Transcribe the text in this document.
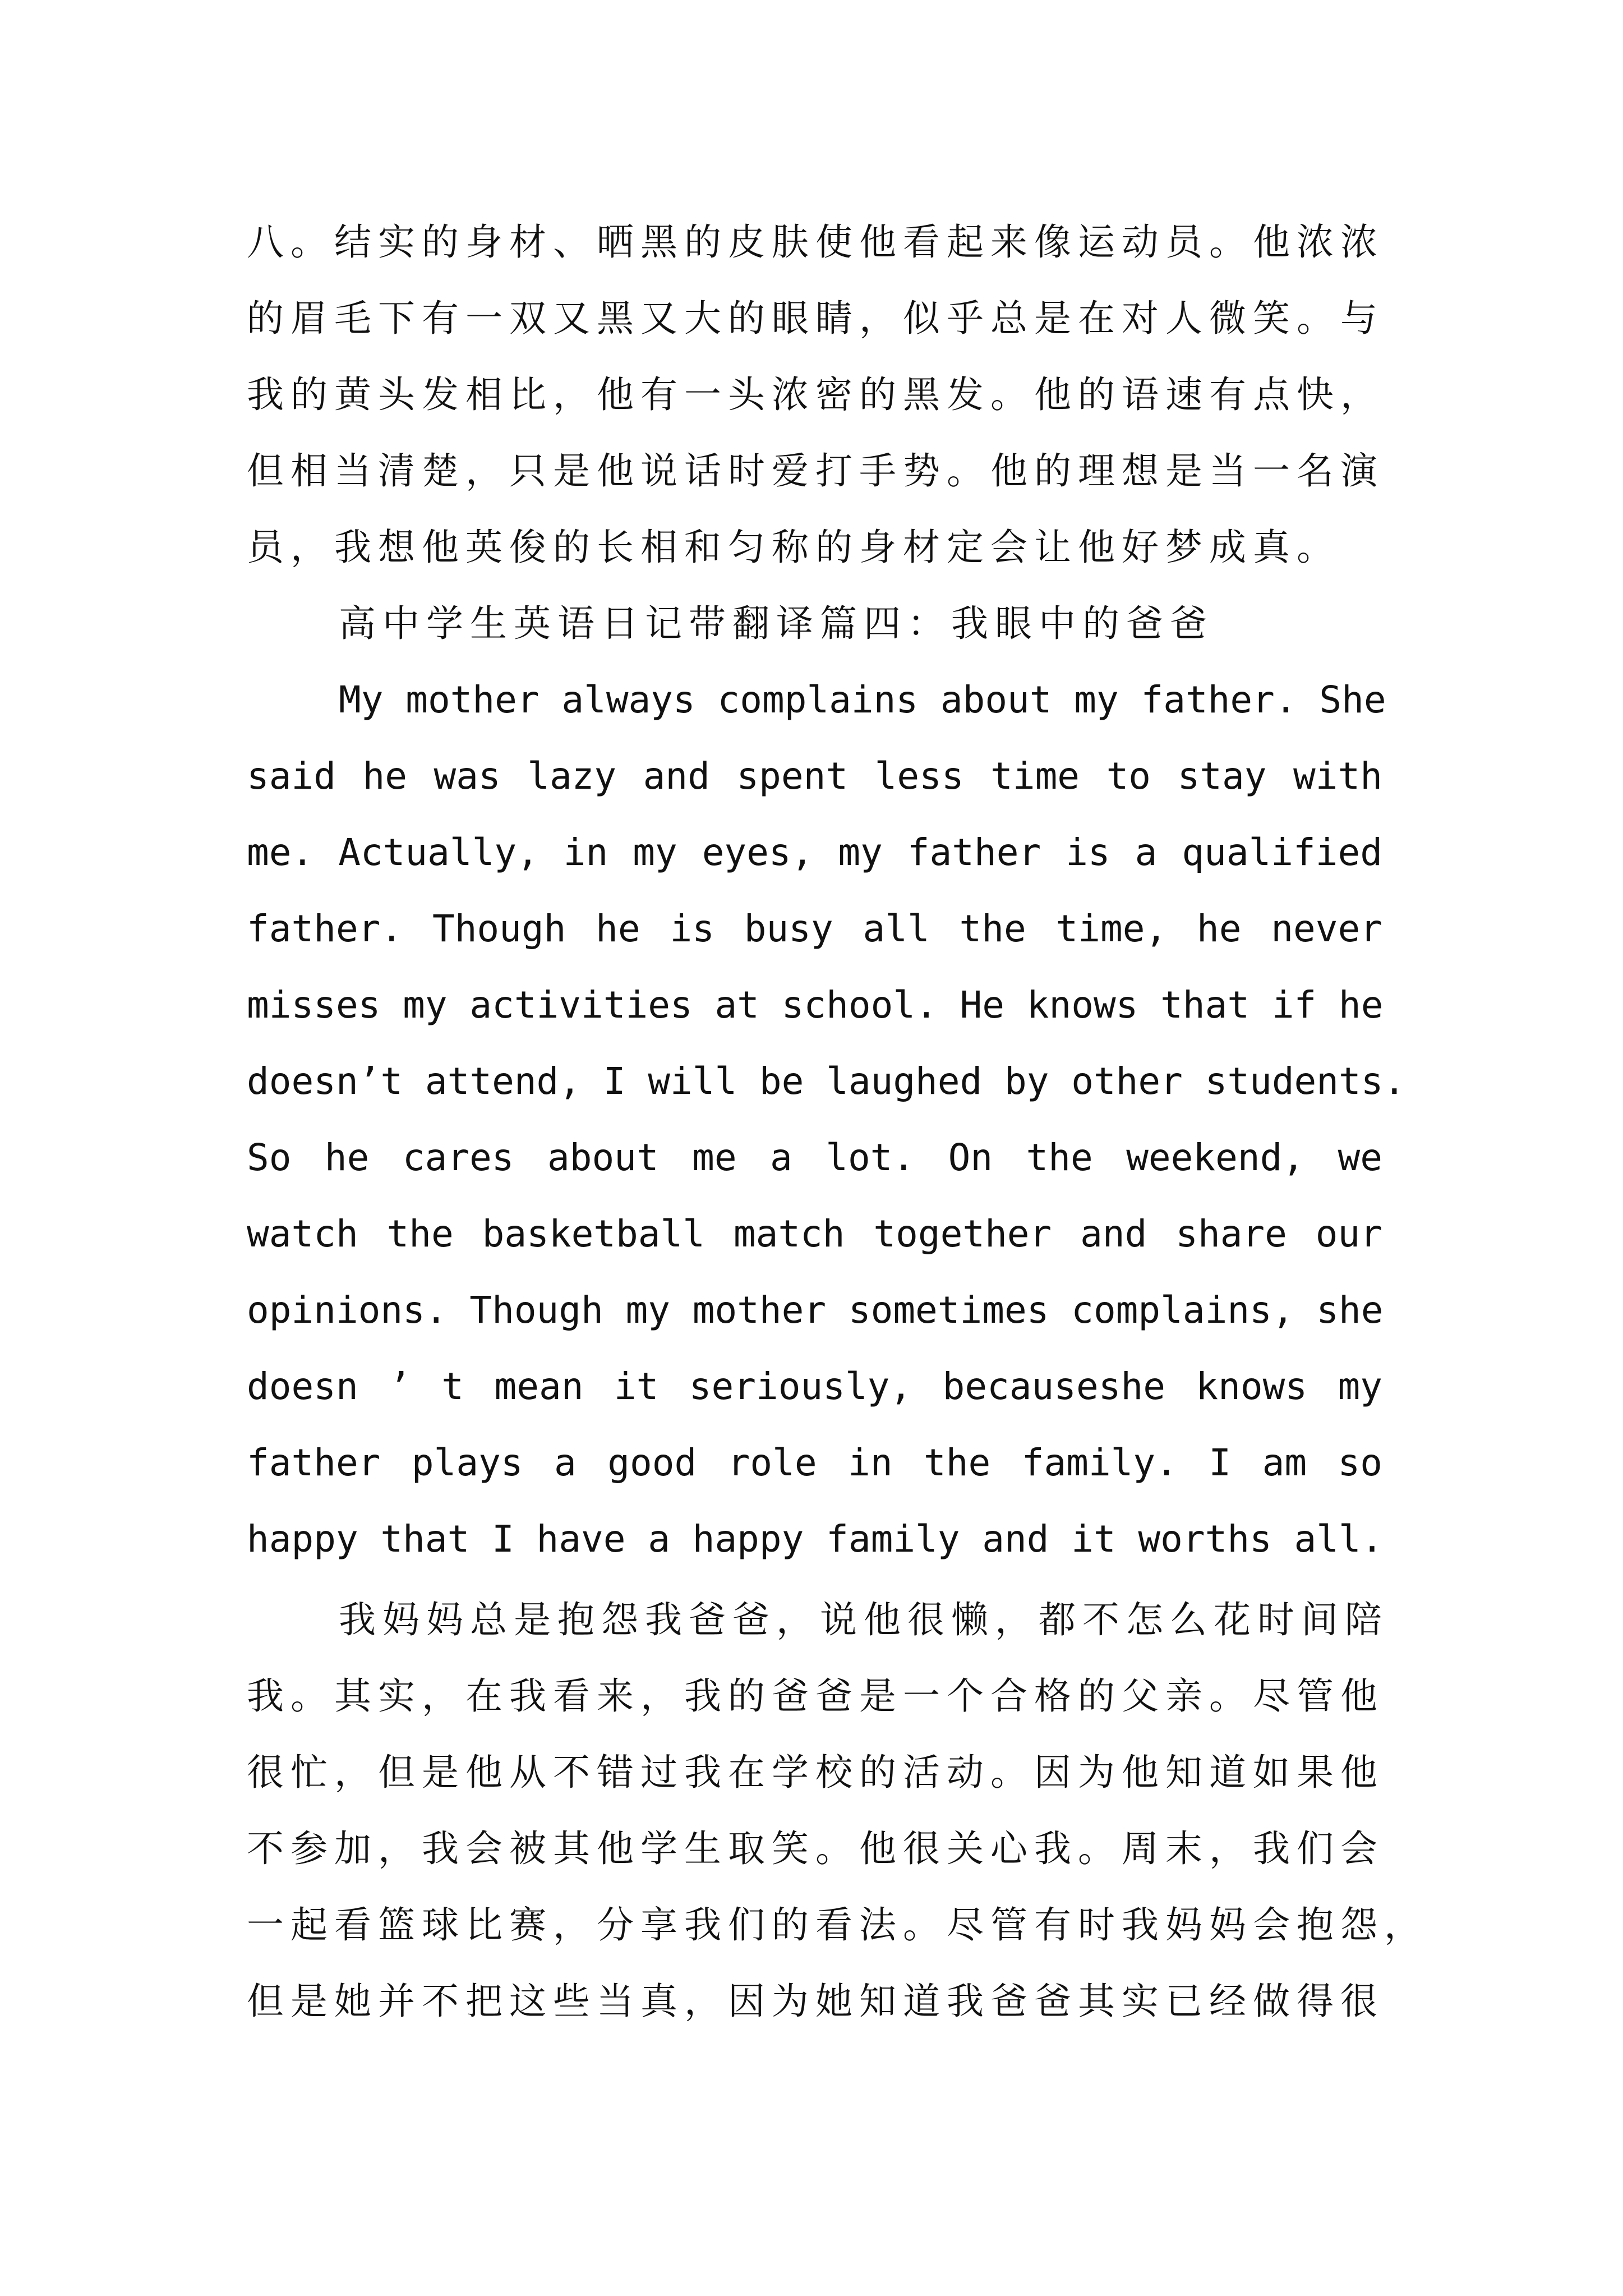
八。结实的身材、晒黑的皮肤使他看起来像运动员。他浓浓
的眉毛下有一双又黑又大的眼睛，似乎总是在对人微笑。与
我的黄头发相比，他有一头浓密的黑发。他的语速有点快，
但相当清楚，只是他说话时爱打手势。他的理想是当一名演
员，我想他英俊的长相和匀称的身材定会让他好梦成真。
高中学生英语日记带翻译篇四：我眼中的爸爸
My mother always complains about my father. She
said he was lazy and spent less time to stay with
me. Actually, in my eyes, my father is a qualified
father. Though he is busy all the time, he never
misses my activities at school. He knows that if he
doesn’t attend, I will be laughed by other students.
So he cares about me a lot. On the weekend, we
watch the basketball match together and share our
opinions. Though my mother sometimes complains, she
doesn ’ t mean it seriously, becauseshe knows my
father plays a good role in the family. I am so
happy that I have a happy family and it worths all.
我妈妈总是抱怨我爸爸，说他很懒，都不怎么花时间陪
我。其实，在我看来，我的爸爸是一个合格的父亲。尽管他
很忙，但是他从不错过我在学校的活动。因为他知道如果他
不参加，我会被其他学生取笑。他很关心我。周末，我们会
一起看篮球比赛，分享我们的看法。尽管有时我妈妈会抱怨，
但是她并不把这些当真，因为她知道我爸爸其实已经做得很
